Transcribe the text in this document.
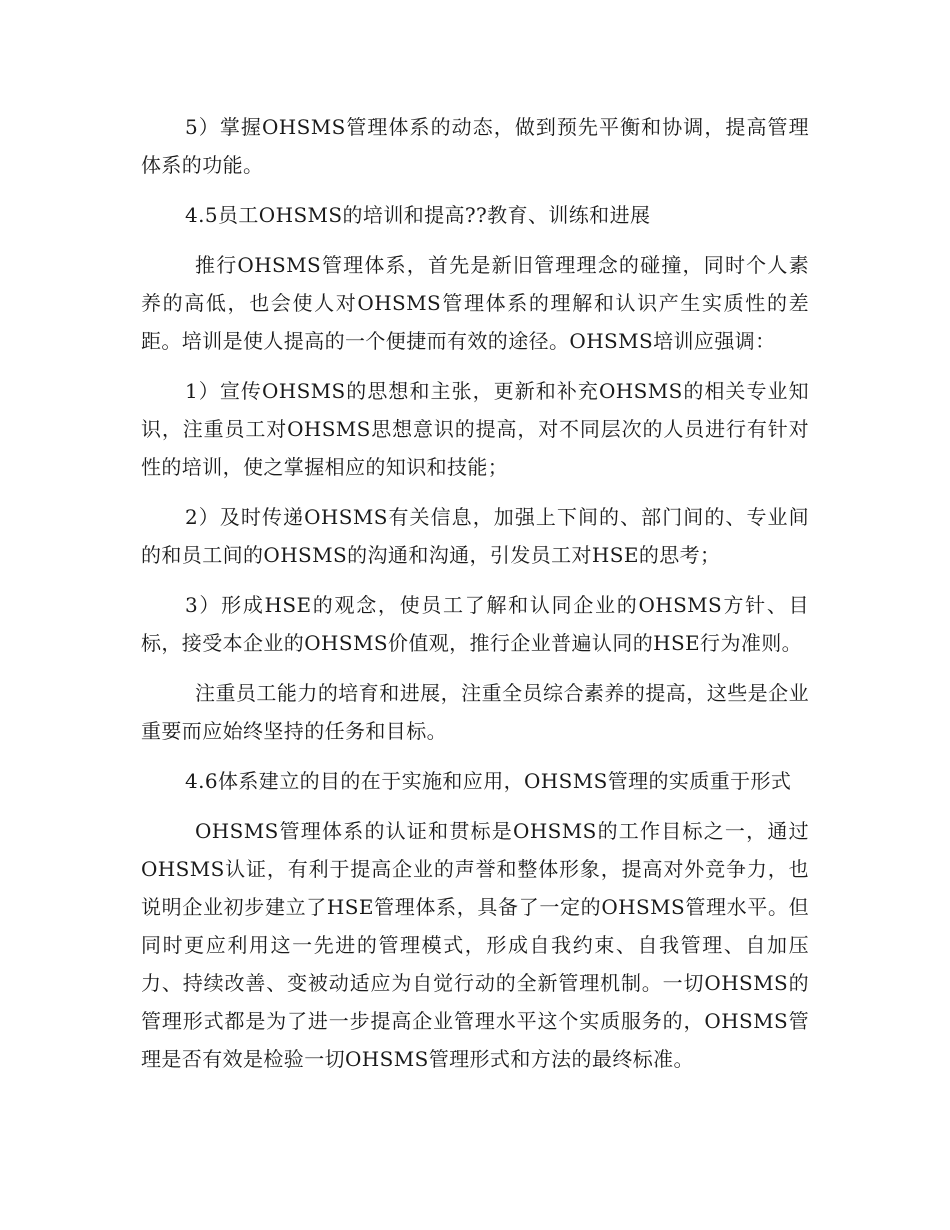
5）掌握OHSMS管理体系的动态，做到预先平衡和协调，提高管理体系的功能。

4.5员工OHSMS的培训和提高??教育、训练和进展

推行OHSMS管理体系，首先是新旧管理理念的碰撞，同时个人素养的高低，也会使人对OHSMS管理体系的理解和认识产生实质性的差距。培训是使人提高的一个便捷而有效的途径。OHSMS培训应强调：

1）宣传OHSMS的思想和主张，更新和补充OHSMS的相关专业知识，注重员工对OHSMS思想意识的提高，对不同层次的人员进行有针对性的培训，使之掌握相应的知识和技能；

2）及时传递OHSMS有关信息，加强上下间的、部门间的、专业间的和员工间的OHSMS的沟通和沟通，引发员工对HSE的思考；

3）形成HSE的观念，使员工了解和认同企业的OHSMS方针、目标，接受本企业的OHSMS价值观，推行企业普遍认同的HSE行为准则。

注重员工能力的培育和进展，注重全员综合素养的提高，这些是企业重要而应始终坚持的任务和目标。

4.6体系建立的目的在于实施和应用，OHSMS管理的实质重于形式

OHSMS管理体系的认证和贯标是OHSMS的工作目标之一，通过OHSMS认证，有利于提高企业的声誉和整体形象，提高对外竞争力，也说明企业初步建立了HSE管理体系，具备了一定的OHSMS管理水平。但同时更应利用这一先进的管理模式，形成自我约束、自我管理、自加压力、持续改善、变被动适应为自觉行动的全新管理机制。一切OHSMS的管理形式都是为了进一步提高企业管理水平这个实质服务的，OHSMS管理是否有效是检验一切OHSMS管理形式和方法的最终标准。
